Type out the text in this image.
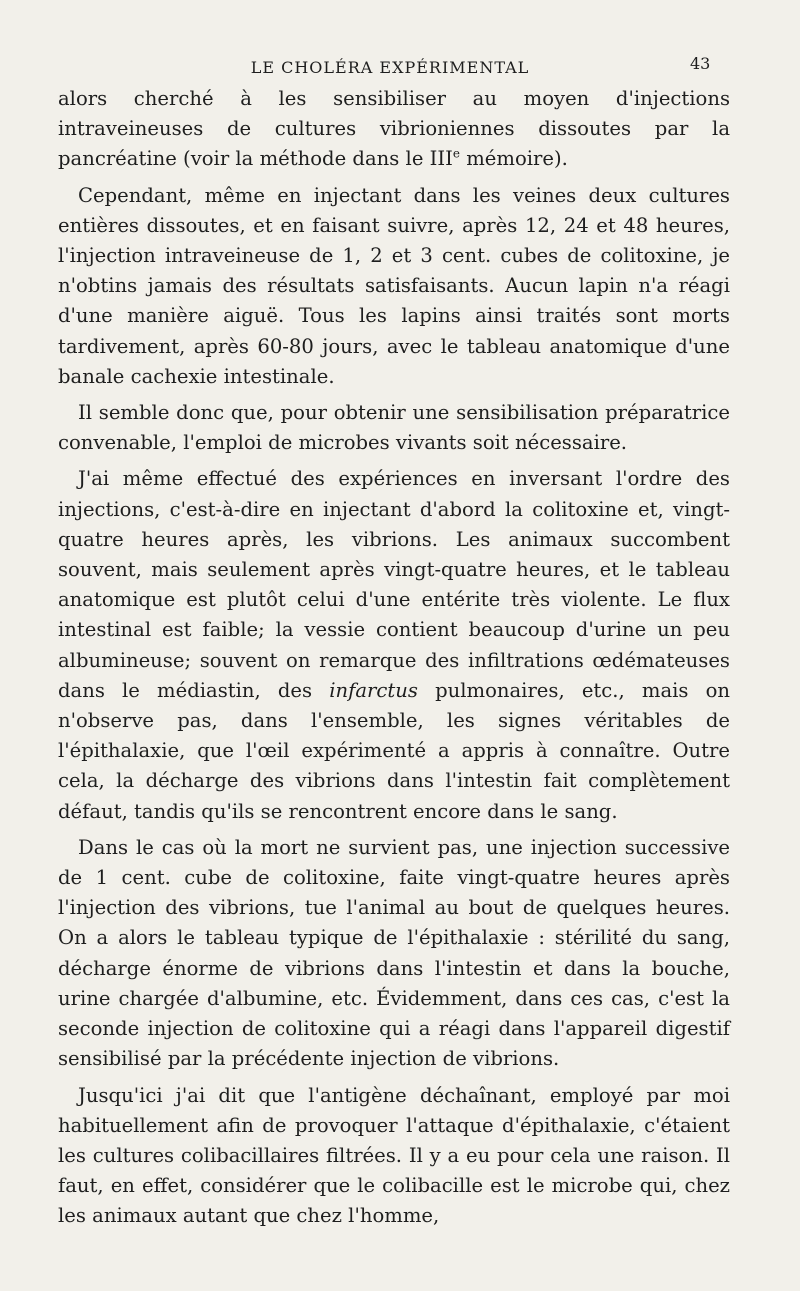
LE CHOLÉRA EXPÉRIMENTAL	43

alors cherché à les sensibiliser au moyen d'injections intraveineuses de cultures vibrioniennes dissoutes par la pancréatine (voir la méthode dans le IIIe mémoire).

Cependant, même en injectant dans les veines deux cultures entières dissoutes, et en faisant suivre, après 12, 24 et 48 heures, l'injection intraveineuse de 1, 2 et 3 cent. cubes de colitoxine, je n'obtins jamais des résultats satisfaisants. Aucun lapin n'a réagi d'une manière aiguë. Tous les lapins ainsi traités sont morts tardivement, après 60-80 jours, avec le tableau anatomique d'une banale cachexie intestinale.

Il semble donc que, pour obtenir une sensibilisation préparatrice convenable, l'emploi de microbes vivants soit nécessaire.

J'ai même effectué des expériences en inversant l'ordre des injections, c'est-à-dire en injectant d'abord la colitoxine et, vingt-quatre heures après, les vibrions. Les animaux succombent souvent, mais seulement après vingt-quatre heures, et le tableau anatomique est plutôt celui d'une entérite très violente. Le flux intestinal est faible; la vessie contient beaucoup d'urine un peu albumineuse; souvent on remarque des infiltrations œdémateuses dans le médiastin, des infarctus pulmonaires, etc., mais on n'observe pas, dans l'ensemble, les signes véritables de l'épithalaxie, que l'œil expérimenté a appris à connaître. Outre cela, la décharge des vibrions dans l'intestin fait complètement défaut, tandis qu'ils se rencontrent encore dans le sang.

Dans le cas où la mort ne survient pas, une injection successive de 1 cent. cube de colitoxine, faite vingt-quatre heures après l'injection des vibrions, tue l'animal au bout de quelques heures. On a alors le tableau typique de l'épithalaxie : stérilité du sang, décharge énorme de vibrions dans l'intestin et dans la bouche, urine chargée d'albumine, etc. Évidemment, dans ces cas, c'est la seconde injection de colitoxine qui a réagi dans l'appareil digestif sensibilisé par la précédente injection de vibrions.

Jusqu'ici j'ai dit que l'antigène déchaînant, employé par moi habituellement afin de provoquer l'attaque d'épithalaxie, c'étaient les cultures colibacillaires filtrées. Il y a eu pour cela une raison. Il faut, en effet, considérer que le colibacille est le microbe qui, chez les animaux autant que chez l'homme,
